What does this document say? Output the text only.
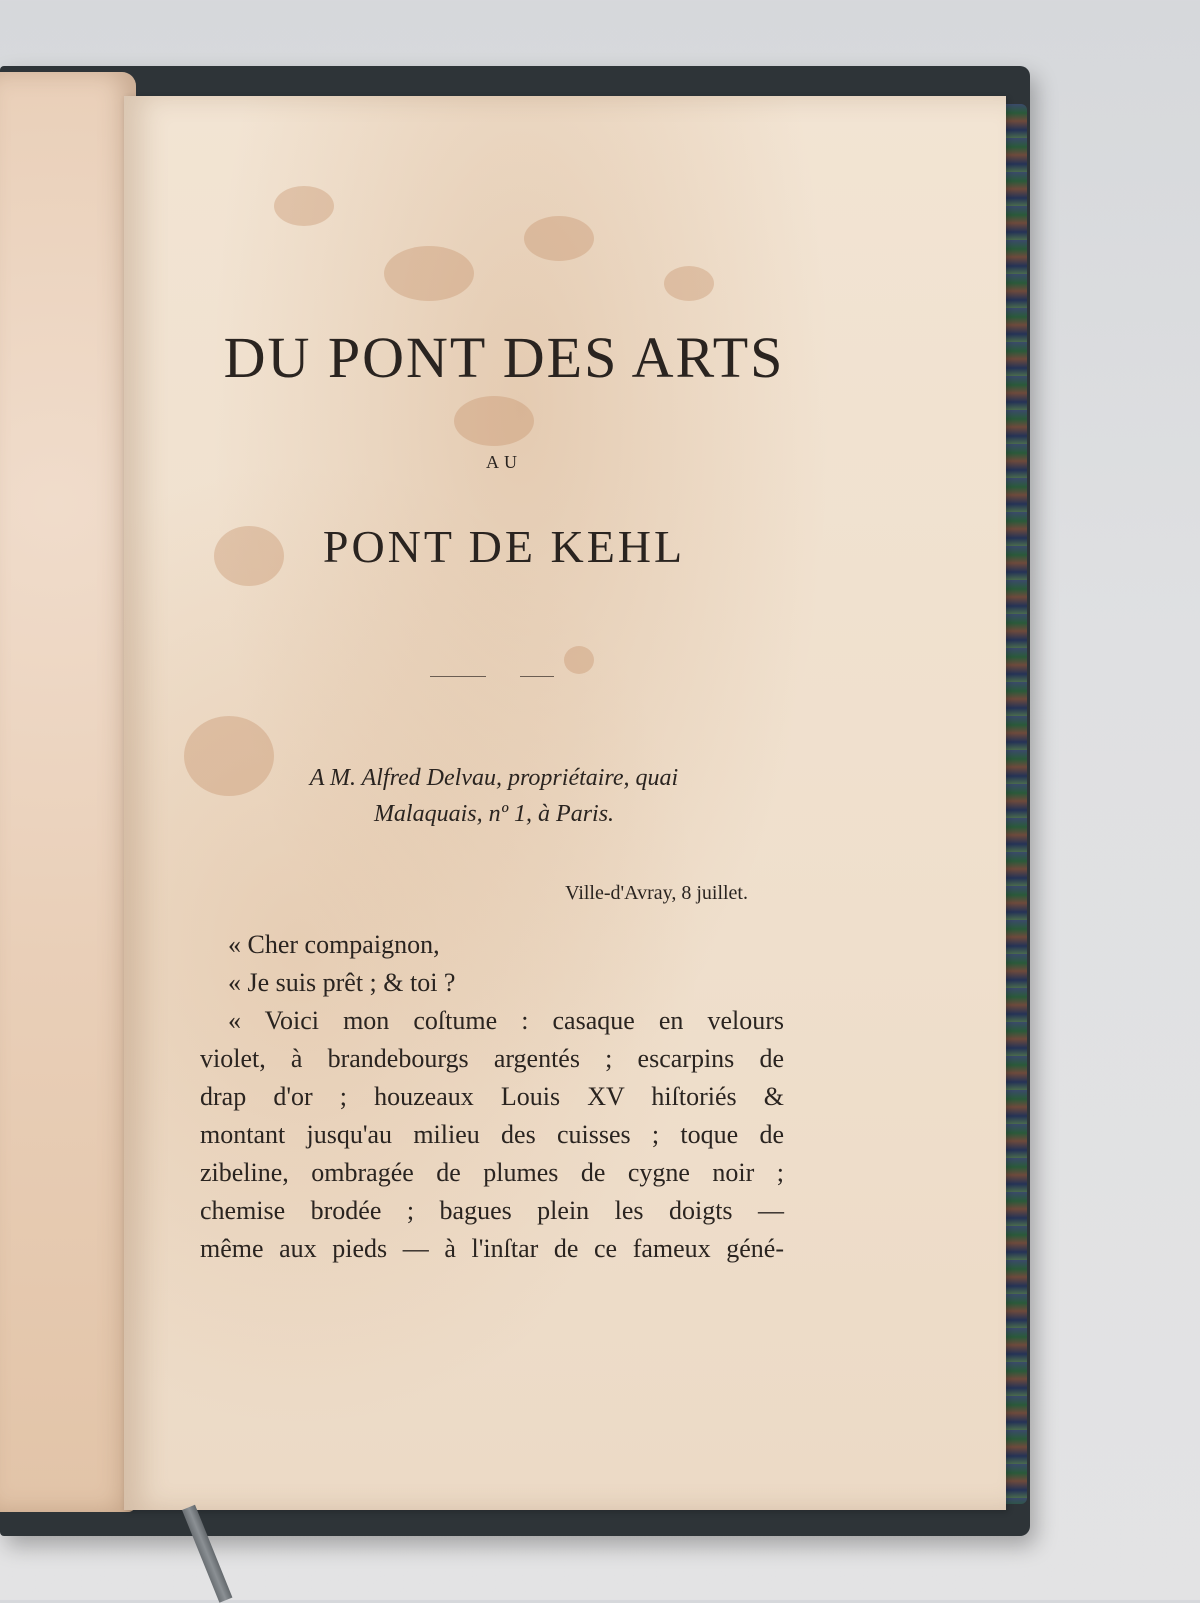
DU PONT DES ARTS
AU
PONT DE KEHL
A M. Alfred Delvau, propriétaire, quai
Malaquais, nº 1, à Paris.
Ville-d'Avray, 8 juillet.
« Cher compaignon,
« Je suis prêt ; & toi ?
« Voici mon coſtume : casaque en velours
violet, à brandebourgs argentés ; escarpins de
drap d'or ; houzeaux Louis XV hiſtoriés &
montant jusqu'au milieu des cuisses ; toque de
zibeline, ombragée de plumes de cygne noir ;
chemise brodée ; bagues plein les doigts —
même aux pieds — à l'inſtar de ce fameux géné-
